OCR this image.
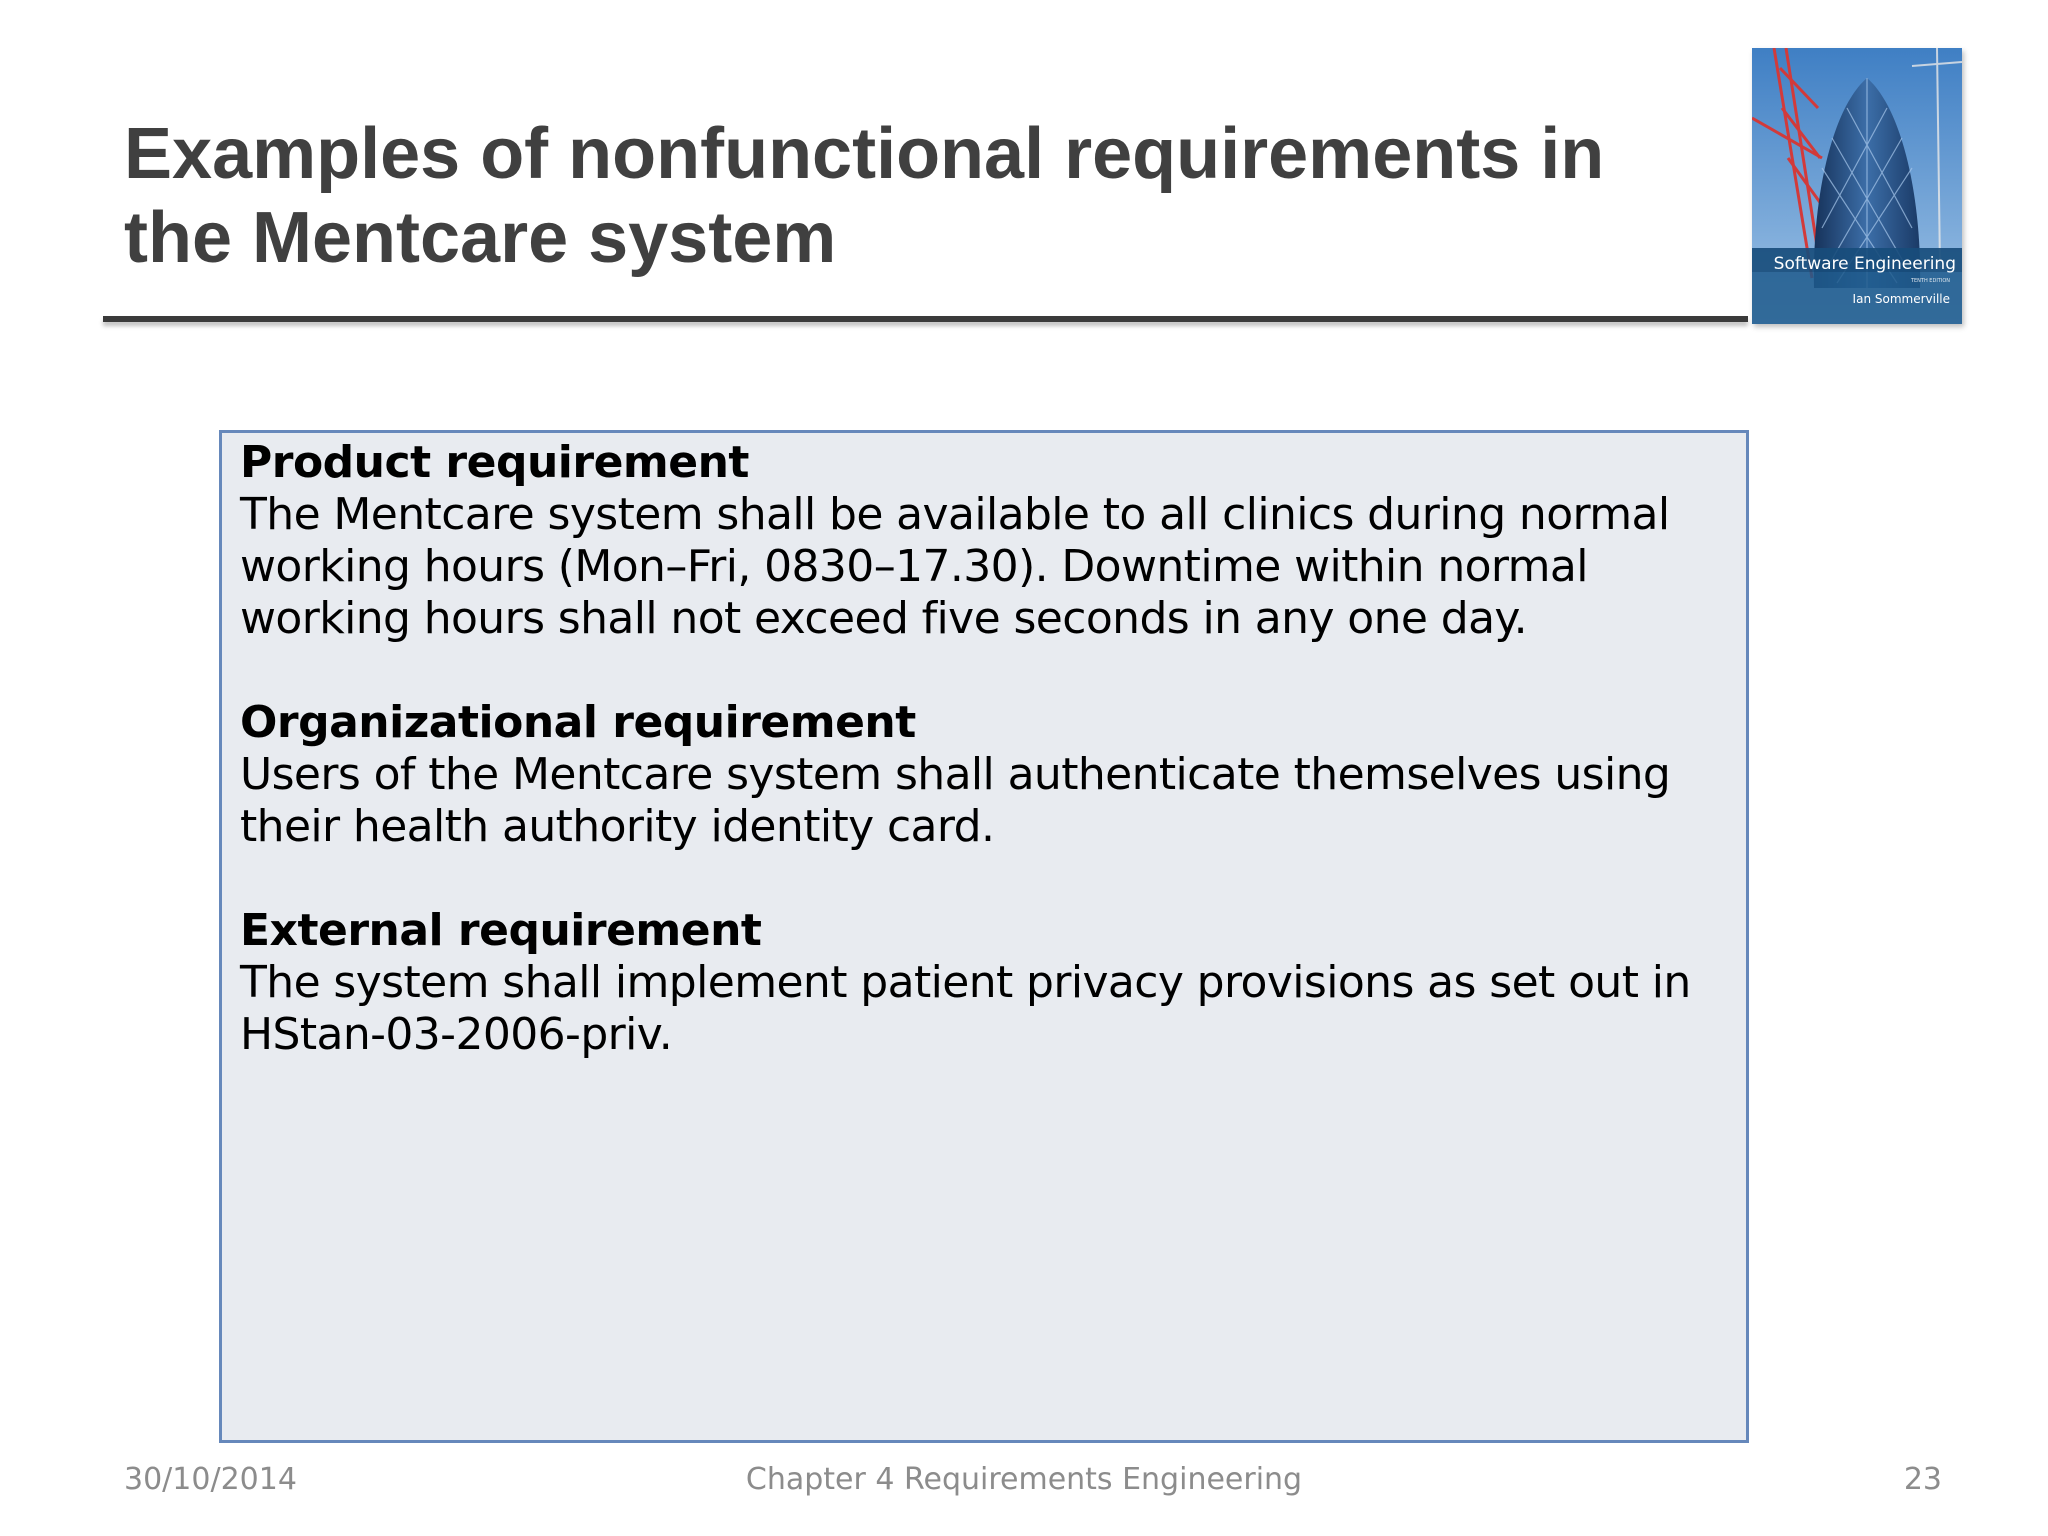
Examples of nonfunctional requirements in the Mentcare system	Software Engineering
TENTH EDITION
Ian Sommerville
Product requirement
The Mentcare system shall be available to all clinics during normal working hours (Mon–Fri, 0830–17.30). Downtime within normal working hours shall not exceed five seconds in any one day.
Organizational requirement
Users of the Mentcare system shall authenticate themselves using their health authority identity card.
External requirement
The system shall implement patient privacy provisions as set out in HStan-03-2006-priv.
30/10/2014	Chapter 4 Requirements Engineering	23
